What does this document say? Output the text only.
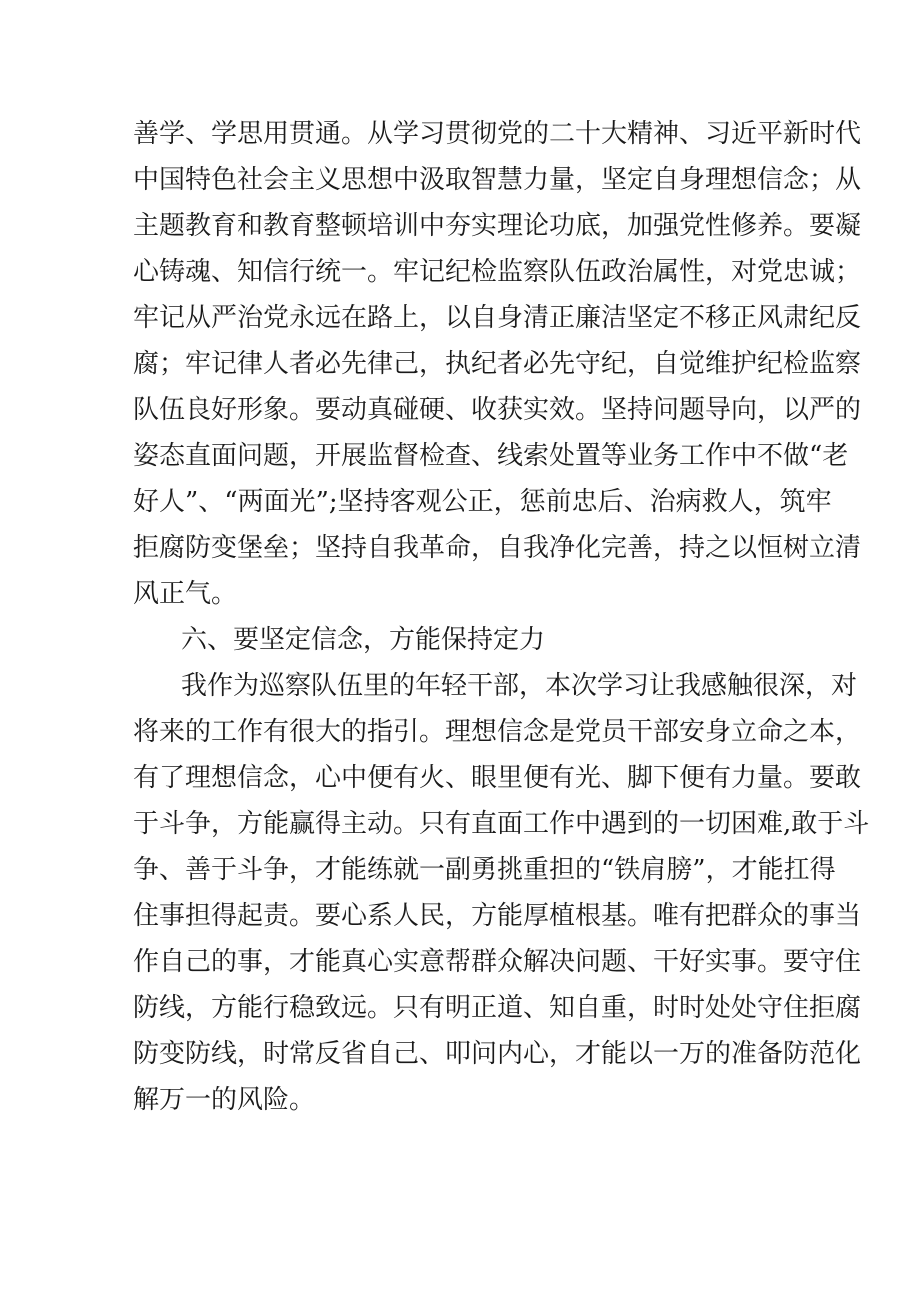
善学、学思用贯通。从学习贯彻党的二十大精神、习近平新时代
中国特色社会主义思想中汲取智慧力量，坚定自身理想信念；从
主题教育和教育整顿培训中夯实理论功底，加强党性修养。要凝
心铸魂、知信行统一。牢记纪检监察队伍政治属性，对党忠诚；
牢记从严治党永远在路上，以自身清正廉洁坚定不移正风肃纪反
腐；牢记律人者必先律己，执纪者必先守纪，自觉维护纪检监察
队伍良好形象。要动真碰硬、收获实效。坚持问题导向，以严的
姿态直面问题，开展监督检查、线索处置等业务工作中不做“老
好人”、“两面光”;坚持客观公正，惩前忠后、治病救人，筑牢
拒腐防变堡垒；坚持自我革命，自我净化完善，持之以恒树立清
风正气。
六、要坚定信念，方能保持定力
我作为巡察队伍里的年轻干部，本次学习让我感触很深，对
将来的工作有很大的指引。理想信念是党员干部安身立命之本，
有了理想信念，心中便有火、眼里便有光、脚下便有力量。要敢
于斗争，方能赢得主动。只有直面工作中遇到的一切困难,敢于斗
争、善于斗争，才能练就一副勇挑重担的“铁肩膀”，才能扛得
住事担得起责。要心系人民，方能厚植根基。唯有把群众的事当
作自己的事，才能真心实意帮群众解决问题、干好实事。要守住
防线，方能行稳致远。只有明正道、知自重，时时处处守住拒腐
防变防线，时常反省自己、叩问内心，才能以一万的准备防范化
解万一的风险。
